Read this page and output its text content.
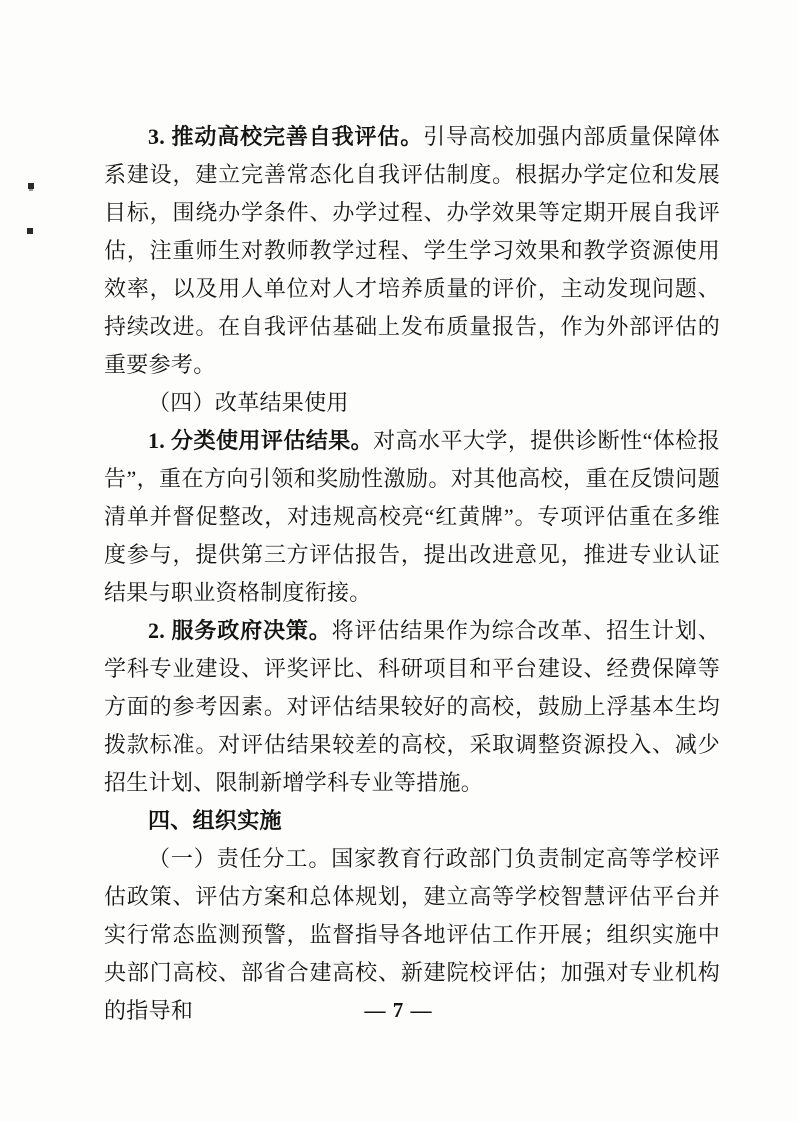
3. 推动高校完善自我评估。引导高校加强内部质量保障体系建设，建立完善常态化自我评估制度。根据办学定位和发展目标，围绕办学条件、办学过程、办学效果等定期开展自我评估，注重师生对教师教学过程、学生学习效果和教学资源使用效率，以及用人单位对人才培养质量的评价，主动发现问题、持续改进。在自我评估基础上发布质量报告，作为外部评估的重要参考。

（四）改革结果使用

1. 分类使用评估结果。对高水平大学，提供诊断性“体检报告”，重在方向引领和奖励性激励。对其他高校，重在反馈问题清单并督促整改，对违规高校亮“红黄牌”。专项评估重在多维度参与，提供第三方评估报告，提出改进意见，推进专业认证结果与职业资格制度衔接。

2. 服务政府决策。将评估结果作为综合改革、招生计划、学科专业建设、评奖评比、科研项目和平台建设、经费保障等方面的参考因素。对评估结果较好的高校，鼓励上浮基本生均拨款标准。对评估结果较差的高校，采取调整资源投入、减少招生计划、限制新增学科专业等措施。

四、组织实施

（一）责任分工。国家教育行政部门负责制定高等学校评估政策、评估方案和总体规划，建立高等学校智慧评估平台并实行常态监测预警，监督指导各地评估工作开展；组织实施中央部门高校、部省合建高校、新建院校评估；加强对专业机构的指导和	— 7 —
